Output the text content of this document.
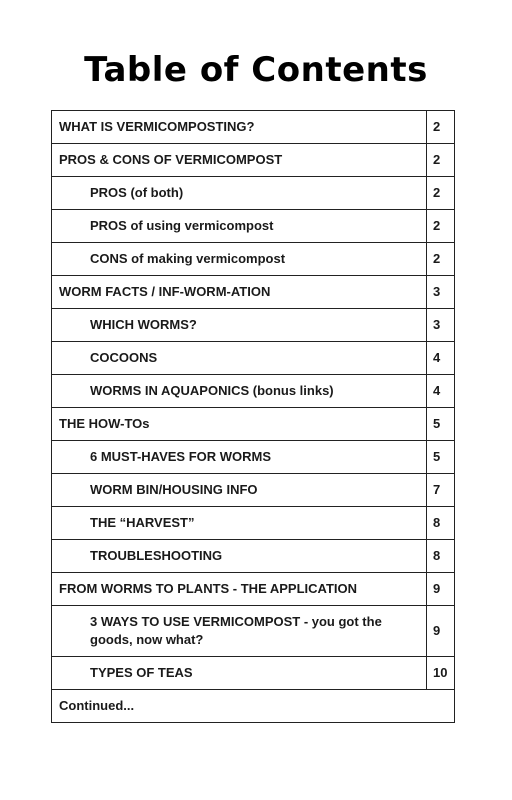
Table of Contents
WHAT IS VERMICOMPOSTING?	2
PROS & CONS OF VERMICOMPOST	2
PROS (of both)	2
PROS of using vermicompost	2
CONS of making vermicompost	2
WORM FACTS / INF-WORM-ATION	3
WHICH WORMS?	3
COCOONS	4
WORMS IN AQUAPONICS (bonus links)	4
THE HOW-TOs	5
6 MUST-HAVES FOR WORMS	5
WORM BIN/HOUSING INFO	7
THE “HARVEST”	8
TROUBLESHOOTING	8
FROM WORMS TO PLANTS - THE APPLICATION	9
3 WAYS TO USE VERMICOMPOST - you got the goods, now what?	9
TYPES OF TEAS	10
Continued...	
